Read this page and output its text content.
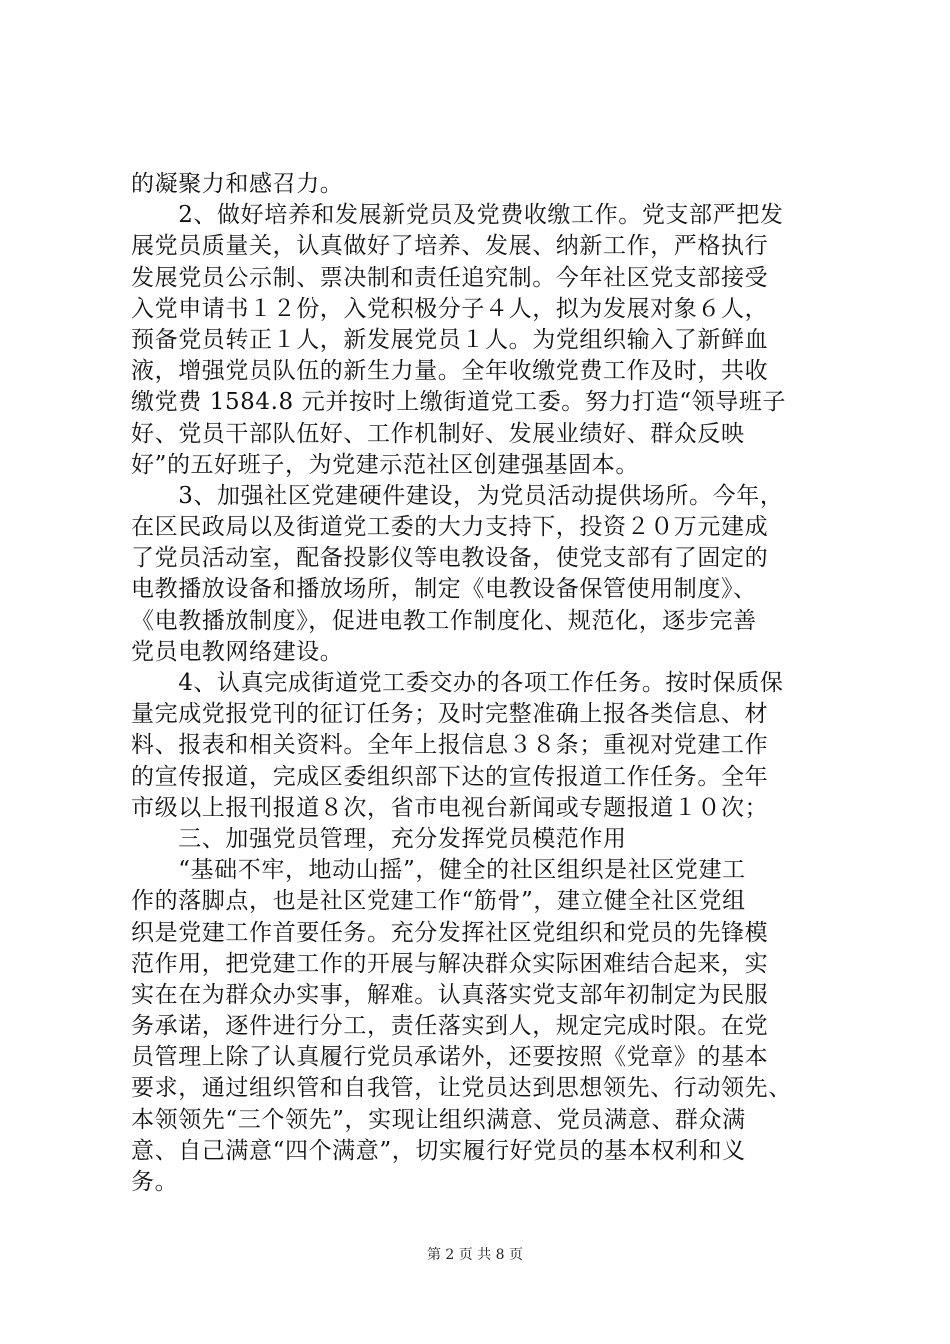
的凝聚力和感召力。
　　2、做好培养和发展新党员及党费收缴工作。党支部严把发
展党员质量关，认真做好了培养、发展、纳新工作，严格执行
发展党员公示制、票决制和责任追究制。今年社区党支部接受
入党申请书１２份，入党积极分子４人，拟为发展对象６人，
预备党员转正１人，新发展党员１人。为党组织输入了新鲜血
液，增强党员队伍的新生力量。全年收缴党费工作及时，共收
缴党费 1584.8 元并按时上缴街道党工委。努力打造“领导班子
好、党员干部队伍好、工作机制好、发展业绩好、群众反映
好”的五好班子，为党建示范社区创建强基固本。
　　3、加强社区党建硬件建设，为党员活动提供场所。今年，
在区民政局以及街道党工委的大力支持下，投资２０万元建成
了党员活动室，配备投影仪等电教设备，使党支部有了固定的
电教播放设备和播放场所，制定《电教设备保管使用制度》、
《电教播放制度》，促进电教工作制度化、规范化，逐步完善
党员电教网络建设。
　　4、认真完成街道党工委交办的各项工作任务。按时保质保
量完成党报党刊的征订任务；及时完整准确上报各类信息、材
料、报表和相关资料。全年上报信息３８条；重视对党建工作
的宣传报道，完成区委组织部下达的宣传报道工作任务。全年
市级以上报刊报道８次，省市电视台新闻或专题报道１０次；
　　三、加强党员管理，充分发挥党员模范作用
　　“基础不牢，地动山摇”，健全的社区组织是社区党建工
作的落脚点，也是社区党建工作“筋骨”，建立健全社区党组
织是党建工作首要任务。充分发挥社区党组织和党员的先锋模
范作用，把党建工作的开展与解决群众实际困难结合起来，实
实在在为群众办实事，解难。认真落实党支部年初制定为民服
务承诺，逐件进行分工，责任落实到人，规定完成时限。在党
员管理上除了认真履行党员承诺外，还要按照《党章》的基本
要求，通过组织管和自我管，让党员达到思想领先、行动领先、
本领领先“三个领先”，实现让组织满意、党员满意、群众满
意、自己满意“四个满意”，切实履行好党员的基本权利和义
务。
第 2 页 共 8 页
